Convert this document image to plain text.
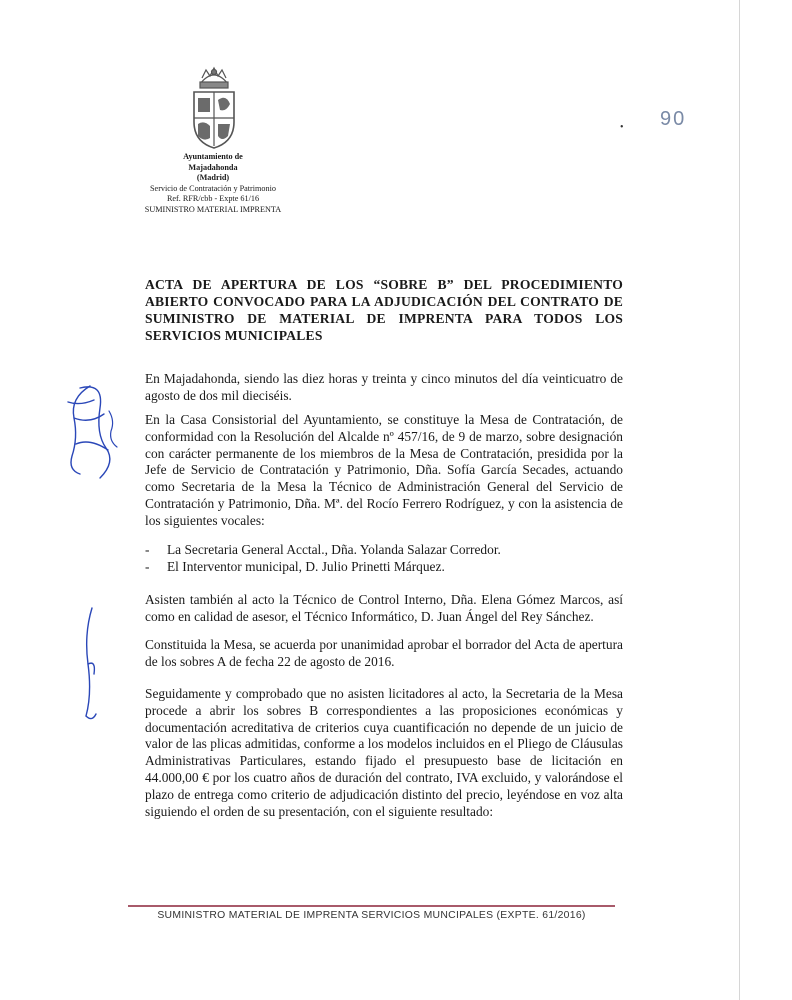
Ayuntamiento de
Majadahonda
(Madrid)
Servicio de Contratación y Patrimonio
Ref. RFR/cbb - Expte 61/16
SUMINISTRO MATERIAL IMPRENTA
• 90
ACTA DE APERTURA DE LOS “SOBRE B” DEL PROCEDIMIENTO
ABIERTO CONVOCADO PARA LA ADJUDICACIÓN DEL CONTRATO DE
SUMINISTRO DE MATERIAL DE IMPRENTA PARA TODOS LOS
SERVICIOS MUNICIPALES

En Majadahonda, siendo las diez horas y treinta y cinco minutos del día veinticuatro de agosto de dos mil dieciséis.

En la Casa Consistorial del Ayuntamiento, se constituye la Mesa de Contratación, de conformidad con la Resolución del Alcalde nº 457/16, de 9 de marzo, sobre designación con carácter permanente de los miembros de la Mesa de Contratación, presidida por la Jefe de Servicio de Contratación y Patrimonio, Dña. Sofía García Secades, actuando como Secretaria de la Mesa la Técnico de Administración General del Servicio de Contratación y Patrimonio, Dña. Mª. del Rocío Ferrero Rodríguez, y con la asistencia de los siguientes vocales:

- La Secretaria General Acctal., Dña. Yolanda Salazar Corredor.
- El Interventor municipal, D. Julio Prinetti Márquez.

Asisten también al acto la Técnico de Control Interno, Dña. Elena Gómez Marcos, así como en calidad de asesor, el Técnico Informático, D. Juan Ángel del Rey Sánchez.

Constituida la Mesa, se acuerda por unanimidad aprobar el borrador del Acta de apertura de los sobres A de fecha 22 de agosto de 2016.

Seguidamente y comprobado que no asisten licitadores al acto, la Secretaria de la Mesa procede a abrir los sobres B correspondientes a las proposiciones económicas y documentación acreditativa de criterios cuya cuantificación no depende de un juicio de valor de las plicas admitidas, conforme a los modelos incluidos en el Pliego de Cláusulas Administrativas Particulares, estando fijado el presupuesto base de licitación en 44.000,00 € por los cuatro años de duración del contrato, IVA excluido, y valorándose el plazo de entrega como criterio de adjudicación distinto del precio, leyéndose en voz alta siguiendo el orden de su presentación, con el siguiente resultado:

SUMINISTRO MATERIAL DE IMPRENTA SERVICIOS MUNCIPALES (EXPTE. 61/2016)
